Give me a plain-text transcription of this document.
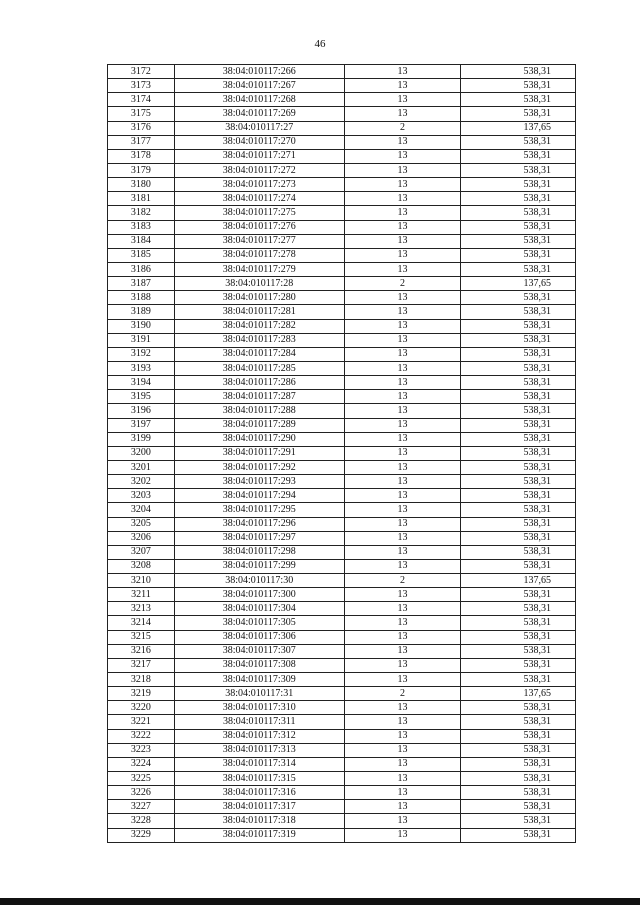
46
3172	38:04:010117:266	13	538,31
3173	38:04:010117:267	13	538,31
3174	38:04:010117:268	13	538,31
3175	38:04:010117:269	13	538,31
3176	38:04:010117:27	2	137,65
3177	38:04:010117:270	13	538,31
3178	38:04:010117:271	13	538,31
3179	38:04:010117:272	13	538,31
3180	38:04:010117:273	13	538,31
3181	38:04:010117:274	13	538,31
3182	38:04:010117:275	13	538,31
3183	38:04:010117:276	13	538,31
3184	38:04:010117:277	13	538,31
3185	38:04:010117:278	13	538,31
3186	38:04:010117:279	13	538,31
3187	38:04:010117:28	2	137,65
3188	38:04:010117:280	13	538,31
3189	38:04:010117:281	13	538,31
3190	38:04:010117:282	13	538,31
3191	38:04:010117:283	13	538,31
3192	38:04:010117:284	13	538,31
3193	38:04:010117:285	13	538,31
3194	38:04:010117:286	13	538,31
3195	38:04:010117:287	13	538,31
3196	38:04:010117:288	13	538,31
3197	38:04:010117:289	13	538,31
3199	38:04:010117:290	13	538,31
3200	38:04:010117:291	13	538,31
3201	38:04:010117:292	13	538,31
3202	38:04:010117:293	13	538,31
3203	38:04:010117:294	13	538,31
3204	38:04:010117:295	13	538,31
3205	38:04:010117:296	13	538,31
3206	38:04:010117:297	13	538,31
3207	38:04:010117:298	13	538,31
3208	38:04:010117:299	13	538,31
3210	38:04:010117:30	2	137,65
3211	38:04:010117:300	13	538,31
3213	38:04:010117:304	13	538,31
3214	38:04:010117:305	13	538,31
3215	38:04:010117:306	13	538,31
3216	38:04:010117:307	13	538,31
3217	38:04:010117:308	13	538,31
3218	38:04:010117:309	13	538,31
3219	38:04:010117:31	2	137,65
3220	38:04:010117:310	13	538,31
3221	38:04:010117:311	13	538,31
3222	38:04:010117:312	13	538,31
3223	38:04:010117:313	13	538,31
3224	38:04:010117:314	13	538,31
3225	38:04:010117:315	13	538,31
3226	38:04:010117:316	13	538,31
3227	38:04:010117:317	13	538,31
3228	38:04:010117:318	13	538,31
3229	38:04:010117:319	13	538,31
